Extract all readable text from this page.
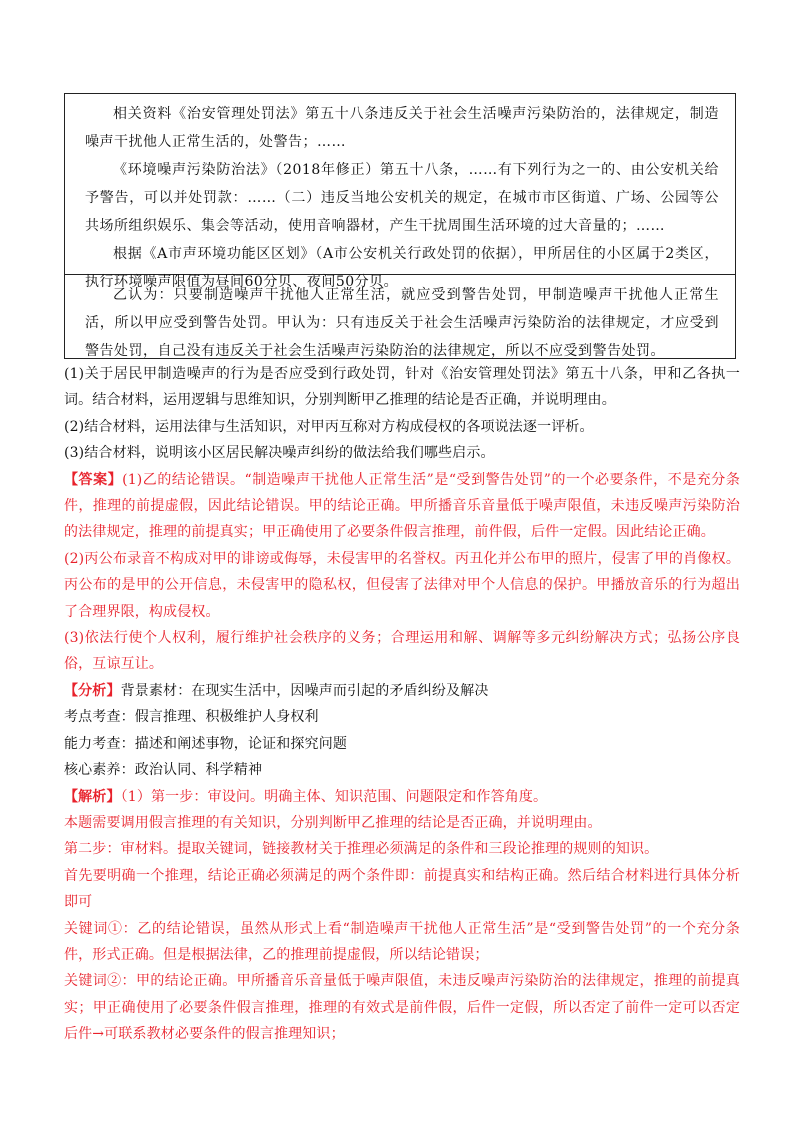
相关资料《治安管理处罚法》第五十八条违反关于社会生活噪声污染防治的，法律规定，制造噪声干扰他人正常生活的，处警告；……

《环境噪声污染防治法》（2018年修正）第五十八条，……有下列行为之一的、由公安机关给予警告，可以并处罚款：……（二）违反当地公安机关的规定，在城市市区街道、广场、公园等公共场所组织娱乐、集会等活动，使用音响器材，产生干扰周围生活环境的过大音量的；……

根据《A市声环境功能区区划》（A市公安机关行政处罚的依据），甲所居住的小区属于2类区，执行环境噪声限值为昼间60分贝、夜间50分贝。

乙认为：只要制造噪声干扰他人正常生活，就应受到警告处罚，甲制造噪声干扰他人正常生活，所以甲应受到警告处罚。甲认为：只有违反关于社会生活噪声污染防治的法律规定，才应受到警告处罚，自己没有违反关于社会生活噪声污染防治的法律规定，所以不应受到警告处罚。

(1)关于居民甲制造噪声的行为是否应受到行政处罚，针对《治安管理处罚法》第五十八条，甲和乙各执一词。结合材料，运用逻辑与思维知识，分别判断甲乙推理的结论是否正确，并说明理由。

(2)结合材料，运用法律与生活知识，对甲丙互称对方构成侵权的各项说法逐一评析。

(3)结合材料，说明该小区居民解决噪声纠纷的做法给我们哪些启示。

【答案】(1)乙的结论错误。“制造噪声干扰他人正常生活”是“受到警告处罚”的一个必要条件，不是充分条件，推理的前提虚假，因此结论错误。甲的结论正确。甲所播音乐音量低于噪声限值，未违反噪声污染防治的法律规定，推理的前提真实；甲正确使用了必要条件假言推理，前件假，后件一定假。因此结论正确。

(2)丙公布录音不构成对甲的诽谤或侮辱，未侵害甲的名誉权。丙丑化并公布甲的照片，侵害了甲的肖像权。丙公布的是甲的公开信息，未侵害甲的隐私权，但侵害了法律对甲个人信息的保护。甲播放音乐的行为超出了合理界限，构成侵权。

(3)依法行使个人权利，履行维护社会秩序的义务；合理运用和解、调解等多元纠纷解决方式；弘扬公序良俗，互谅互让。

【分析】背景素材：在现实生活中，因噪声而引起的矛盾纠纷及解决

考点考查：假言推理、积极维护人身权利

能力考查：描述和阐述事物，论证和探究问题

核心素养：政治认同、科学精神

【解析】（1）第一步：审设问。明确主体、知识范围、问题限定和作答角度。

本题需要调用假言推理的有关知识，分别判断甲乙推理的结论是否正确，并说明理由。

第二步：审材料。提取关键词，链接教材关于推理必须满足的条件和三段论推理的规则的知识。

首先要明确一个推理，结论正确必须满足的两个条件即：前提真实和结构正确。然后结合材料进行具体分析即可

关键词①：乙的结论错误，虽然从形式上看“制造噪声干扰他人正常生活”是“受到警告处罚”的一个充分条件，形式正确。但是根据法律，乙的推理前提虚假，所以结论错误；

关键词②：甲的结论正确。甲所播音乐音量低于噪声限值，未违反噪声污染防治的法律规定，推理的前提真实；甲正确使用了必要条件假言推理，推理的有效式是前件假，后件一定假，所以否定了前件一定可以否定后件→可联系教材必要条件的假言推理知识；
